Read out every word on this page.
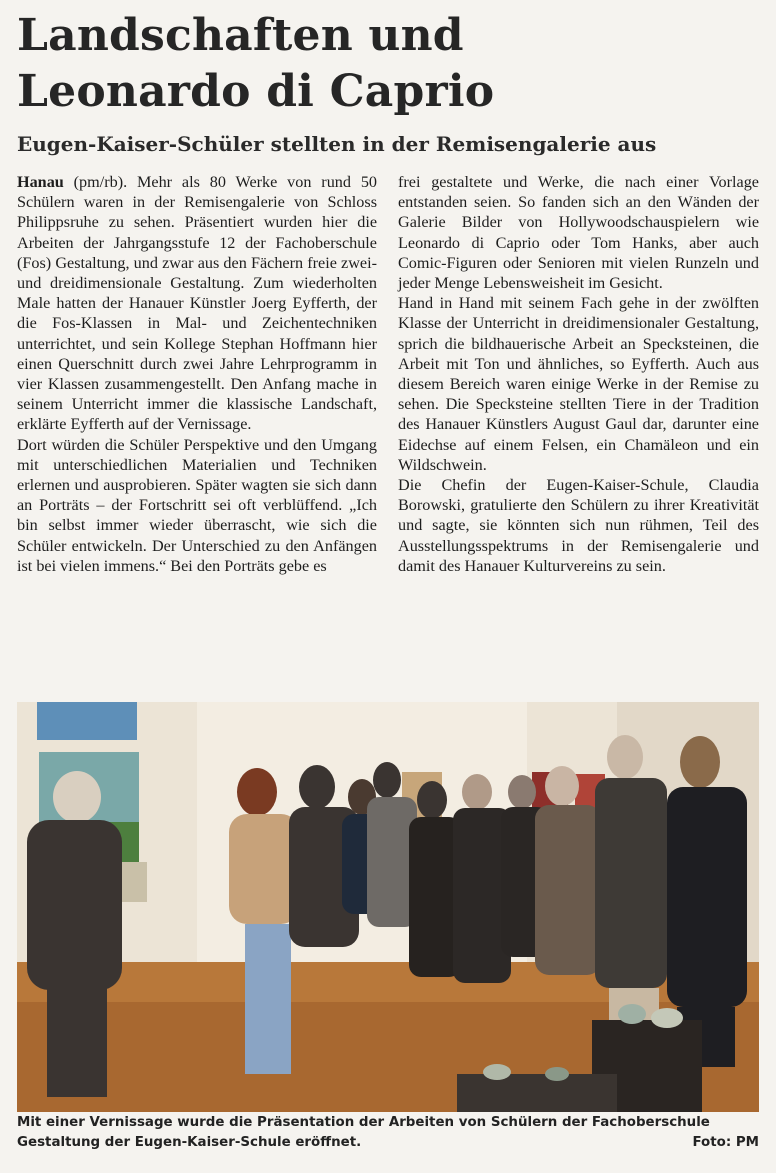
Landschaften und
Leonardo di Caprio
Eugen-Kaiser-Schüler stellten in der Remisengalerie aus

Hanau (pm/rb). Mehr als 80 Werke von rund 50 Schülern waren in der Remisengalerie von Schloss Philippsruhe zu sehen. Präsentiert wurden hier die Arbeiten der Jahrgangsstufe 12 der Fachoberschule (Fos) Gestaltung, und zwar aus den Fächern freie zwei- und dreidimensionale Gestaltung. Zum wiederholten Male hatten der Hanauer Künstler Joerg Eyfferth, der die Fos-Klassen in Mal- und Zeichentechniken unterrichtet, und sein Kollege Stephan Hoffmann hier einen Querschnitt durch zwei Jahre Lehrprogramm in vier Klassen zusammengestellt. Den Anfang mache in seinem Unterricht immer die klassische Landschaft, erklärte Eyfferth auf der Vernissage.

Dort würden die Schüler Perspektive und den Umgang mit unterschiedlichen Materialien und Techniken erlernen und ausprobieren. Später wagten sie sich dann an Porträts – der Fortschritt sei oft verblüffend. „Ich bin selbst immer wieder überrascht, wie sich die Schüler entwickeln. Der Unterschied zu den Anfängen ist bei vielen immens.“ Bei den Porträts gebe es

frei gestaltete und Werke, die nach einer Vorlage entstanden seien. So fanden sich an den Wänden der Galerie Bilder von Hollywoodschauspielern wie Leonardo di Caprio oder Tom Hanks, aber auch Comic-Figuren oder Senioren mit vielen Runzeln und jeder Menge Lebensweisheit im Gesicht.

Hand in Hand mit seinem Fach gehe in der zwölften Klasse der Unterricht in dreidimensionaler Gestaltung, sprich die bildhauerische Arbeit an Specksteinen, die Arbeit mit Ton und ähnliches, so Eyfferth. Auch aus diesem Bereich waren einige Werke in der Remise zu sehen. Die Specksteine stellten Tiere in der Tradition des Hanauer Künstlers August Gaul dar, darunter eine Eidechse auf einem Felsen, ein Chamäleon und ein Wildschwein.

Die Chefin der Eugen-Kaiser-Schule, Claudia Borowski, gratulierte den Schülern zu ihrer Kreativität und sagte, sie könnten sich nun rühmen, Teil des Ausstellungsspektrums in der Remisengalerie und damit des Hanauer Kulturvereins zu sein.

Mit einer Vernissage wurde die Präsentation der Arbeiten von Schülern der Fachoberschule Gestaltung der Eugen-Kaiser-Schule eröffnet.	Foto: PM
